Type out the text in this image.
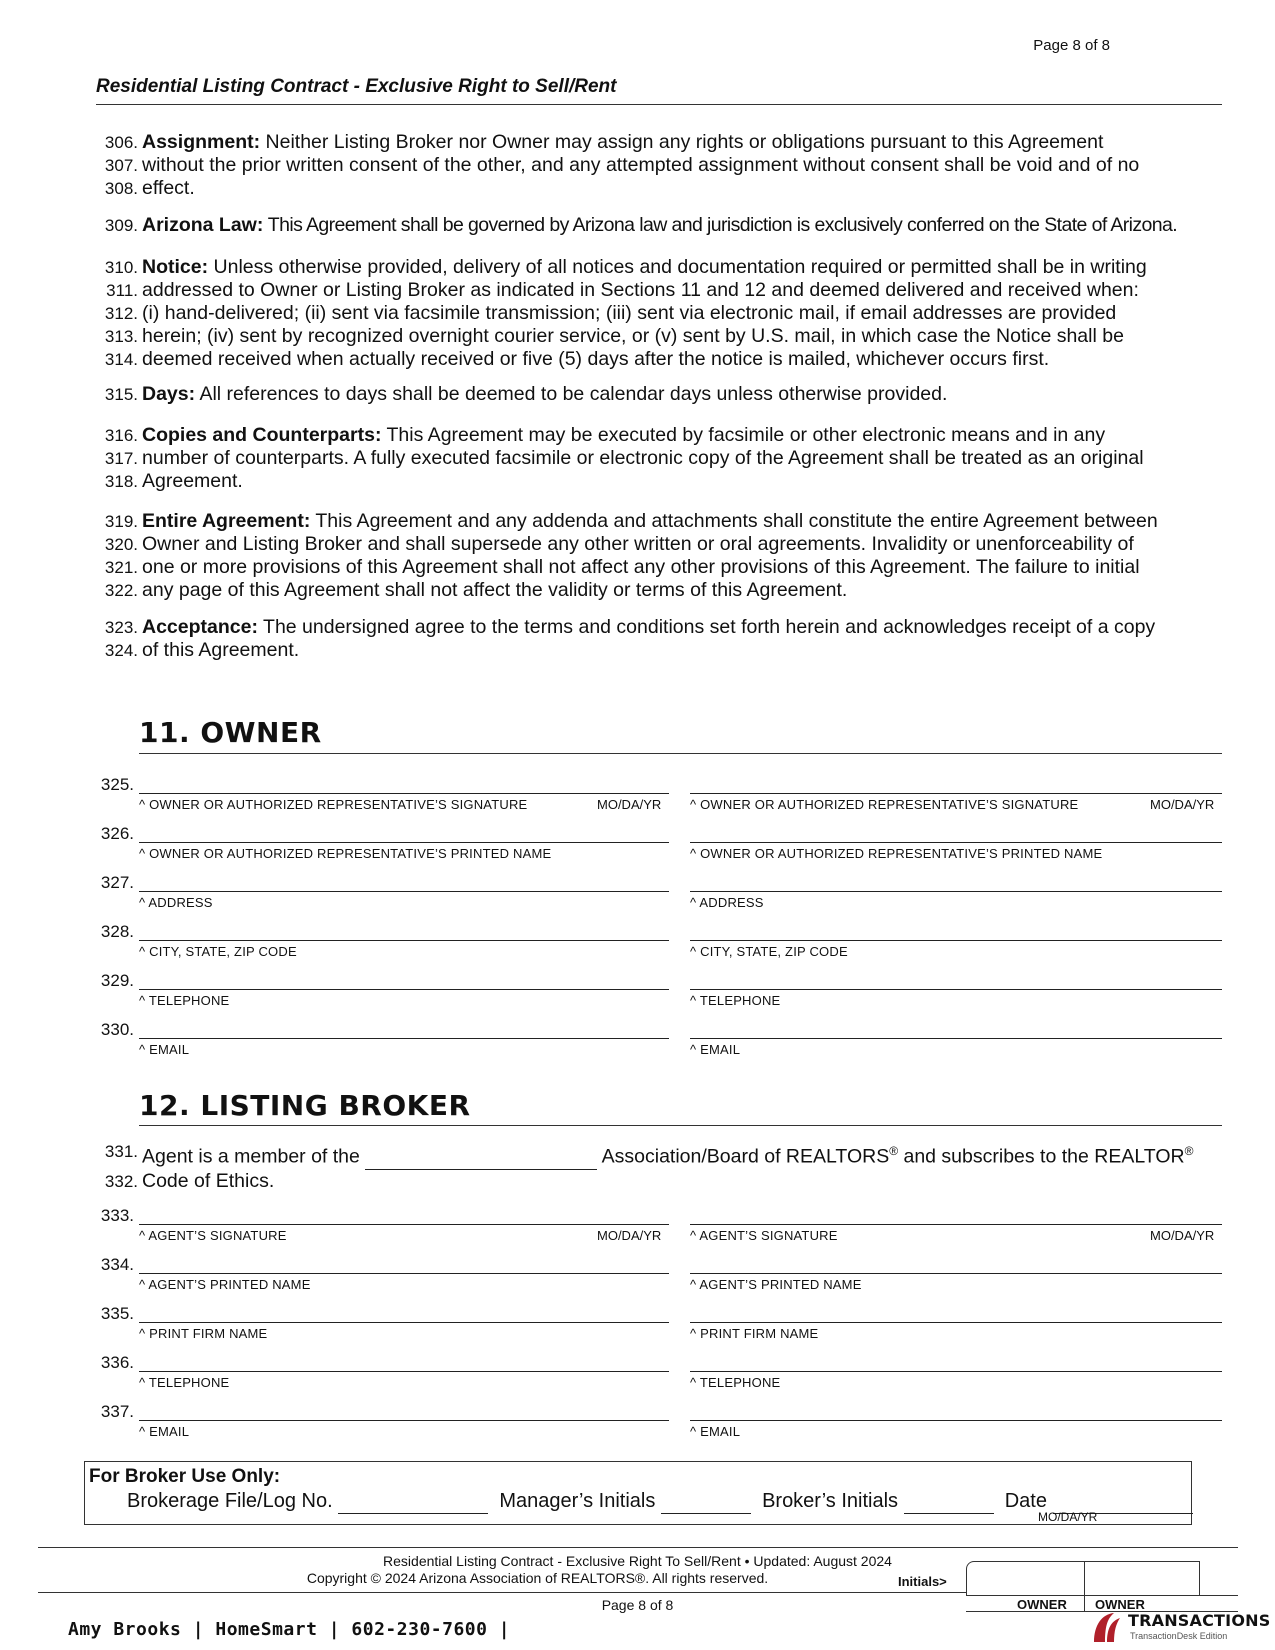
Page 8 of 8
Residential Listing Contract - Exclusive Right to Sell/Rent
306. Assignment: Neither Listing Broker nor Owner may assign any rights or obligations pursuant to this Agreement
307. without the prior written consent of the other, and any attempted assignment without consent shall be void and of no
308. effect.
309. Arizona Law: This Agreement shall be governed by Arizona law and jurisdiction is exclusively conferred on the State of Arizona.
310. Notice: Unless otherwise provided, delivery of all notices and documentation required or permitted shall be in writing
311. addressed to Owner or Listing Broker as indicated in Sections 11 and 12 and deemed delivered and received when:
312. (i) hand-delivered; (ii) sent via facsimile transmission; (iii) sent via electronic mail, if email addresses are provided
313. herein; (iv) sent by recognized overnight courier service, or (v) sent by U.S. mail, in which case the Notice shall be
314. deemed received when actually received or five (5) days after the notice is mailed, whichever occurs first.
315. Days: All references to days shall be deemed to be calendar days unless otherwise provided.
316. Copies and Counterparts: This Agreement may be executed by facsimile or other electronic means and in any
317. number of counterparts. A fully executed facsimile or electronic copy of the Agreement shall be treated as an original
318. Agreement.
319. Entire Agreement: This Agreement and any addenda and attachments shall constitute the entire Agreement between
320. Owner and Listing Broker and shall supersede any other written or oral agreements. Invalidity or unenforceability of
321. one or more provisions of this Agreement shall not affect any other provisions of this Agreement. The failure to initial
322. any page of this Agreement shall not affect the validity or terms of this Agreement.
323. Acceptance: The undersigned agree to the terms and conditions set forth herein and acknowledges receipt of a copy
324. of this Agreement.
11. OWNER
325.
^ OWNER OR AUTHORIZED REPRESENTATIVE’S SIGNATURE	MO/DA/YR ^ OWNER OR AUTHORIZED REPRESENTATIVE’S SIGNATURE	MO/DA/YR
326.
^ OWNER OR AUTHORIZED REPRESENTATIVE’S PRINTED NAME	^ OWNER OR AUTHORIZED REPRESENTATIVE’S PRINTED NAME
327.
^ ADDRESS	^ ADDRESS
328.
^ CITY, STATE, ZIP CODE	^ CITY, STATE, ZIP CODE
329.
^ TELEPHONE	^ TELEPHONE
330.
^ EMAIL	^ EMAIL
12. LISTING BROKER
331. Agent is a member of the	Association/Board of REALTORS® and subscribes to the REALTOR®
332. Code of Ethics.
333.
^ AGENT’S SIGNATURE	MO/DA/YR ^ AGENT’S SIGNATURE	MO/DA/YR
334.
^ AGENT’S PRINTED NAME	^ AGENT’S PRINTED NAME
335.
^ PRINT FIRM NAME	^ PRINT FIRM NAME
336.
^ TELEPHONE	^ TELEPHONE
337.
^ EMAIL	^ EMAIL
For Broker Use Only:
Brokerage File/Log No.	Manager’s Initials	Broker’s Initials	Date
MO/DA/YR
Residential Listing Contract - Exclusive Right To Sell/Rent • Updated: August 2024
Copyright © 2024 Arizona Association of REALTORS®. All rights reserved.
Page 8 of 8
Initials>
OWNER OWNER
Amy Brooks | HomeSmart | 602-230-7600 |	TRANSACTIONS
TransactionDesk Edition
